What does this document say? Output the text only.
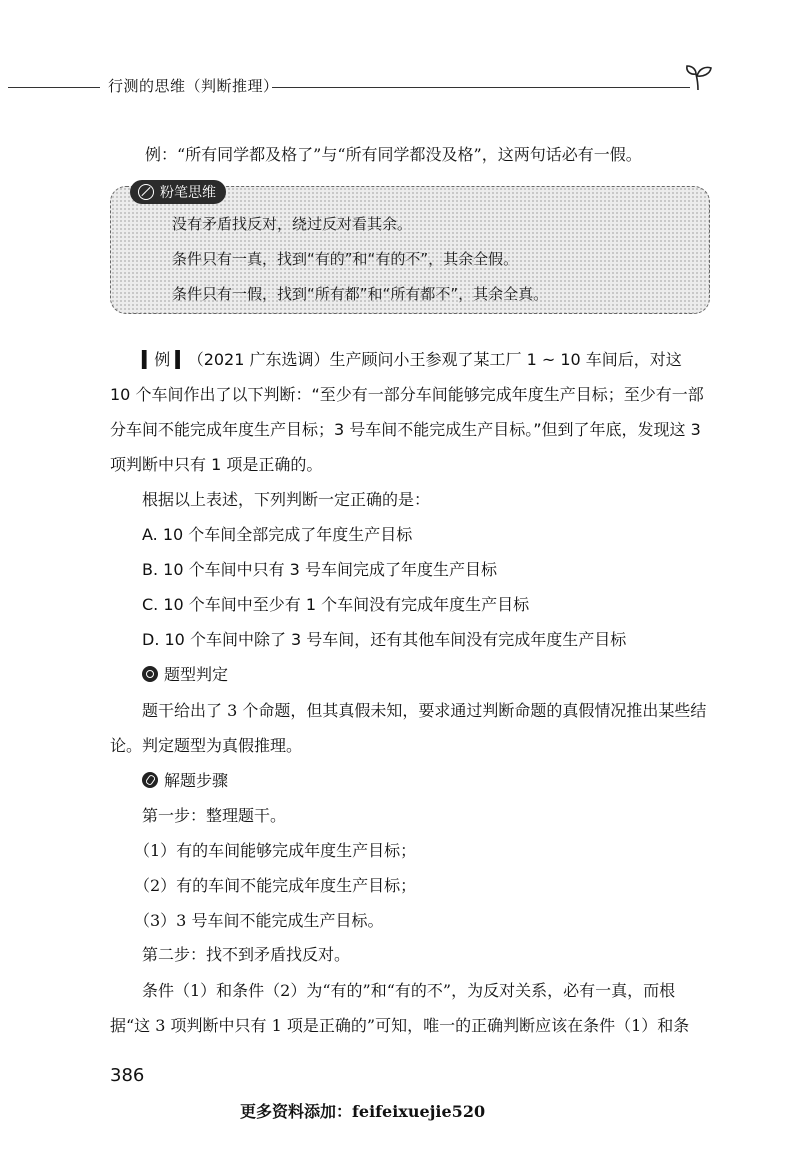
行测的思维（判断推理）
例：“所有同学都及格了”与“所有同学都没及格”，这两句话必有一假。
粉笔思维
没有矛盾找反对，绕过反对看其余。
条件只有一真，找到“有的”和“有的不”，其余全假。
条件只有一假，找到“所有都”和“所有都不”，其余全真。
▍例 ▍（2021 广东选调）生产顾问小王参观了某工厂 1 ~ 10 车间后，对这
10 个车间作出了以下判断：“至少有一部分车间能够完成年度生产目标；至少有一部
分车间不能完成年度生产目标；3 号车间不能完成生产目标。”但到了年底，发现这 3
项判断中只有 1 项是正确的。
根据以上表述，下列判断一定正确的是：
A. 10 个车间全部完成了年度生产目标
B. 10 个车间中只有 3 号车间完成了年度生产目标
C. 10 个车间中至少有 1 个车间没有完成年度生产目标
D. 10 个车间中除了 3 号车间，还有其他车间没有完成年度生产目标
题型判定
题干给出了 3 个命题，但其真假未知，要求通过判断命题的真假情况推出某些结
论。判定题型为真假推理。
解题步骤
第一步：整理题干。
（1）有的车间能够完成年度生产目标；
（2）有的车间不能完成年度生产目标；
（3）3 号车间不能完成生产目标。
第二步：找不到矛盾找反对。
条件（1）和条件（2）为“有的”和“有的不”，为反对关系，必有一真，而根
据“这 3 项判断中只有 1 项是正确的”可知，唯一的正确判断应该在条件（1）和条
386
更多资料添加：feifeixuejie520
